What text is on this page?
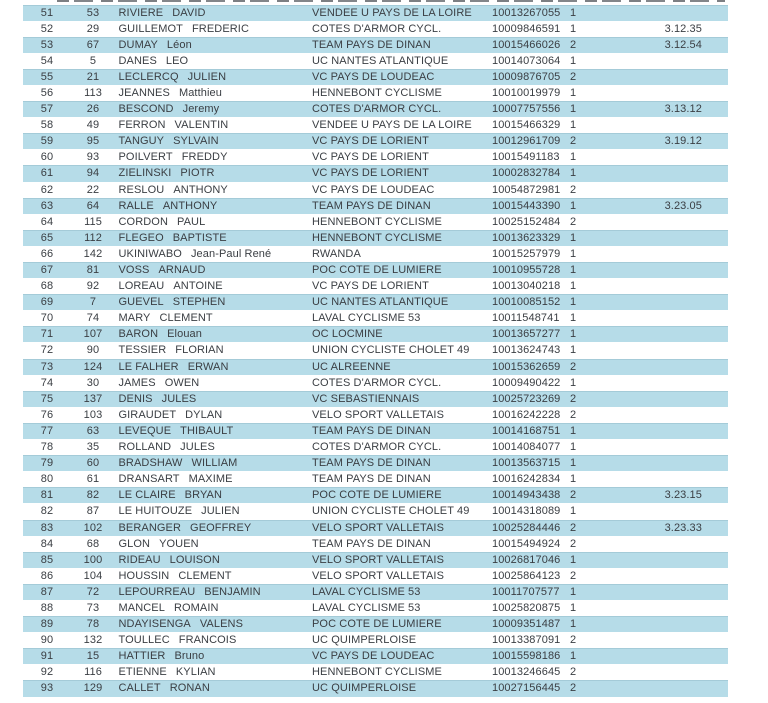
51	53	RIVIERE DAVID	VENDEE U PAYS DE LA LOIRE	10013267055 1
52	29	GUILLEMOT FREDERIC	COTES D'ARMOR CYCL.	10009846591 1	3.12.35
53	67	DUMAY Léon	TEAM PAYS DE DINAN	10015466026 2	3.12.54
54	5	DANES LEO	UC NANTES ATLANTIQUE	10014073064 1
55	21	LECLERCQ JULIEN	VC PAYS DE LOUDEAC	10009876705 2
56	113	JEANNES Matthieu	HENNEBONT CYCLISME	10010019979 1
57	26	BESCOND Jeremy	COTES D'ARMOR CYCL.	10007757556 1	3.13.12
58	49	FERRON VALENTIN	VENDEE U PAYS DE LA LOIRE	10015466329 1
59	95	TANGUY SYLVAIN	VC PAYS DE LORIENT	10012961709 2	3.19.12
60	93	POILVERT FREDDY	VC PAYS DE LORIENT	10015491183 1
61	94	ZIELINSKI PIOTR	VC PAYS DE LORIENT	10002832784 1
62	22	RESLOU ANTHONY	VC PAYS DE LOUDEAC	10054872981 2
63	64	RALLE ANTHONY	TEAM PAYS DE DINAN	10015443390 1	3.23.05
64	115	CORDON PAUL	HENNEBONT CYCLISME	10025152484 2
65	112	FLEGEO BAPTISTE	HENNEBONT CYCLISME	10013623329 1
66	142	UKINIWABO Jean-Paul René	RWANDA	10015257979 1
67	81	VOSS ARNAUD	POC COTE DE LUMIERE	10010955728 1
68	92	LOREAU ANTOINE	VC PAYS DE LORIENT	10013040218 1
69	7	GUEVEL STEPHEN	UC NANTES ATLANTIQUE	10010085152 1
70	74	MARY CLEMENT	LAVAL CYCLISME 53	10011548741 1
71	107	BARON Elouan	OC LOCMINE	10013657277 1
72	90	TESSIER FLORIAN	UNION CYCLISTE CHOLET 49	10013624743 1
73	124	LE FALHER ERWAN	UC ALREENNE	10015362659 2
74	30	JAMES OWEN	COTES D'ARMOR CYCL.	10009490422 1
75	137	DENIS JULES	VC SEBASTIENNAIS	10025723269 2
76	103	GIRAUDET DYLAN	VELO SPORT VALLETAIS	10016242228 2
77	63	LEVEQUE THIBAULT	TEAM PAYS DE DINAN	10014168751 1
78	35	ROLLAND JULES	COTES D'ARMOR CYCL.	10014084077 1
79	60	BRADSHAW WILLIAM	TEAM PAYS DE DINAN	10013563715 1
80	61	DRANSART MAXIME	TEAM PAYS DE DINAN	10016242834 1
81	82	LE CLAIRE BRYAN	POC COTE DE LUMIERE	10014943438 2	3.23.15
82	87	LE HUITOUZE JULIEN	UNION CYCLISTE CHOLET 49	10014318089 1
83	102	BERANGER GEOFFREY	VELO SPORT VALLETAIS	10025284446 2	3.23.33
84	68	GLON YOUEN	TEAM PAYS DE DINAN	10015494924 2
85	100	RIDEAU LOUISON	VELO SPORT VALLETAIS	10026817046 1
86	104	HOUSSIN CLEMENT	VELO SPORT VALLETAIS	10025864123 2
87	72	LEPOURREAU BENJAMIN	LAVAL CYCLISME 53	10011707577 1
88	73	MANCEL ROMAIN	LAVAL CYCLISME 53	10025820875 1
89	78	NDAYISENGA VALENS	POC COTE DE LUMIERE	10009351487 1
90	132	TOULLEC FRANCOIS	UC QUIMPERLOISE	10013387091 2
91	15	HATTIER Bruno	VC PAYS DE LOUDEAC	10015598186 1
92	116	ETIENNE KYLIAN	HENNEBONT CYCLISME	10013246645 2
93	129	CALLET RONAN	UC QUIMPERLOISE	10027156445 2
